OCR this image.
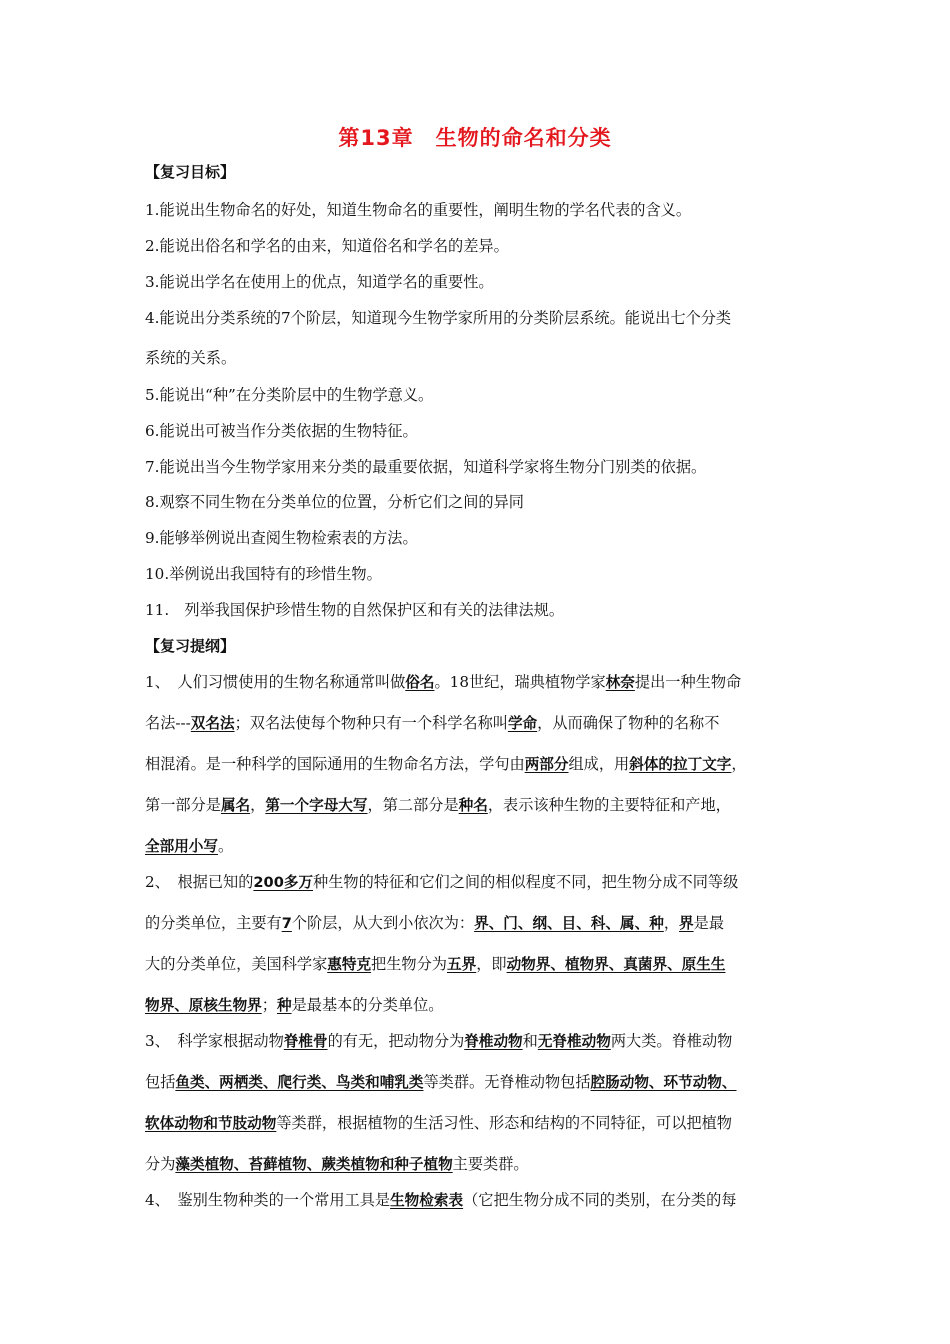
第13章　生物的命名和分类
【复习目标】
1.能说出生物命名的好处，知道生物命名的重要性，阐明生物的学名代表的含义。
2.能说出俗名和学名的由来，知道俗名和学名的差异。
3.能说出学名在使用上的优点，知道学名的重要性。
4.能说出分类系统的7个阶层，知道现今生物学家所用的分类阶层系统。能说出七个分类
系统的关系。
5.能说出“种”在分类阶层中的生物学意义。
6.能说出可被当作分类依据的生物特征。
7.能说出当今生物学家用来分类的最重要依据，知道科学家将生物分门别类的依据。
8.观察不同生物在分类单位的位置，分析它们之间的异同
9.能够举例说出查阅生物检索表的方法。
10.举例说出我国特有的珍惜生物。
11.　列举我国保护珍惜生物的自然保护区和有关的法律法规。
【复习提纲】
1、　人们习惯使用的生物名称通常叫做俗名。18世纪，瑞典植物学家林奈提出一种生物命
名法---双名法；双名法使每个物种只有一个科学名称叫学命，从而确保了物种的名称不
相混淆。是一种科学的国际通用的生物命名方法，学句由两部分组成，用斜体的拉丁文字，
第一部分是属名，第一个字母大写，第二部分是种名，表示该种生物的主要特征和产地，
全部用小写。
2、　根据已知的200多万种生物的特征和它们之间的相似程度不同，把生物分成不同等级
的分类单位，主要有7个阶层，从大到小依次为：界、门、纲、目、科、属、种，界是最
大的分类单位，美国科学家惠特克把生物分为五界，即动物界、植物界、真菌界、原生生
物界、原核生物界；种是最基本的分类单位。
3、　科学家根据动物脊椎骨的有无，把动物分为脊椎动物和无脊椎动物两大类。脊椎动物
包括鱼类、两栖类、爬行类、鸟类和哺乳类等类群。无脊椎动物包括腔肠动物、环节动物、
软体动物和节肢动物等类群，根据植物的生活习性、形态和结构的不同特征，可以把植物
分为藻类植物、苔藓植物、蕨类植物和种子植物主要类群。
4、　鉴别生物种类的一个常用工具是生物检索表（它把生物分成不同的类别，在分类的每
